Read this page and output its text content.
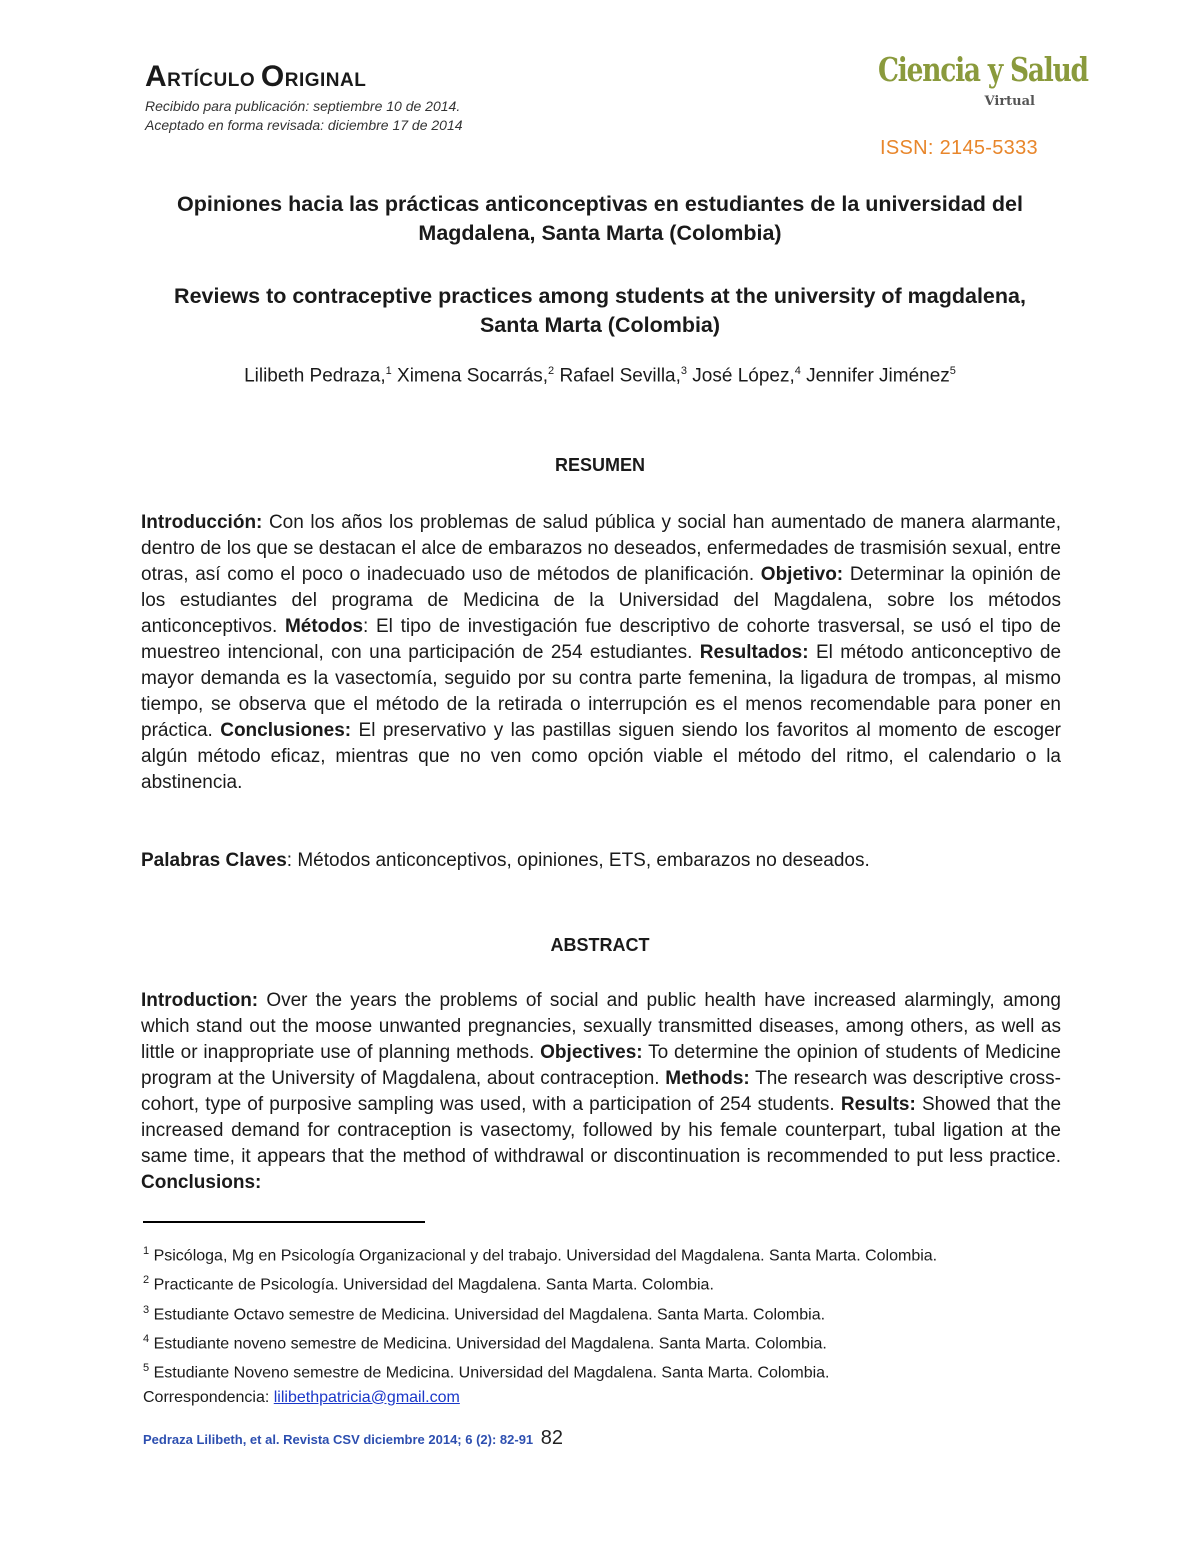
ARTÍCULO ORIGINAL
Recibido para publicación: septiembre 10 de 2014.
Aceptado en forma revisada: diciembre 17 de 2014
Ciencia y Salud
Virtual
ISSN: 2145-5333
Opiniones hacia las prácticas anticonceptivas en estudiantes de la universidad del Magdalena, Santa Marta (Colombia)
Reviews to contraceptive practices among students at the university of magdalena, Santa Marta (Colombia)
Lilibeth Pedraza,$^1$ Ximena Socarrás,$^2$ Rafael Sevilla,$^3$ José López,$^4$ Jennifer Jiménez$^5$
RESUMEN
Introducción: Con los años los problemas de salud pública y social han aumentado de manera alarmante, dentro de los que se destacan el alce de embarazos no deseados, enfermedades de trasmisión sexual, entre otras, así como el poco o inadecuado uso de métodos de planificación. Objetivo: Determinar la opinión de los estudiantes del programa de Medicina de la Universidad del Magdalena, sobre los métodos anticonceptivos. Métodos: El tipo de investigación fue descriptivo de cohorte trasversal, se usó el tipo de muestreo intencional, con una participación de 254 estudiantes. Resultados: El método anticonceptivo de mayor demanda es la vasectomía, seguido por su contra parte femenina, la ligadura de trompas, al mismo tiempo, se observa que el método de la retirada o interrupción es el menos recomendable para poner en práctica. Conclusiones: El preservativo y las pastillas siguen siendo los favoritos al momento de escoger algún método eficaz, mientras que no ven como opción viable el método del ritmo, el calendario o la abstinencia.
Palabras Claves: Métodos anticonceptivos, opiniones, ETS, embarazos no deseados.
ABSTRACT
Introduction: Over the years the problems of social and public health have increased alarmingly, among which stand out the moose unwanted pregnancies, sexually transmitted diseases, among others, as well as little or inappropriate use of planning methods. Objectives: To determine the opinion of students of Medicine program at the University of Magdalena, about contraception. Methods: The research was descriptive cross-cohort, type of purposive sampling was used, with a participation of 254 students. Results: Showed that the increased demand for contraception is vasectomy, followed by his female counterpart, tubal ligation at the same time, it appears that the method of withdrawal or discontinuation is recommended to put less practice. Conclusions:
$^1$ Psicóloga, Mg en Psicología Organizacional y del trabajo. Universidad del Magdalena. Santa Marta. Colombia.
$^2$ Practicante de Psicología. Universidad del Magdalena. Santa Marta. Colombia.
$^3$ Estudiante Octavo semestre de Medicina. Universidad del Magdalena. Santa Marta. Colombia.
$^4$ Estudiante noveno semestre de Medicina. Universidad del Magdalena. Santa Marta. Colombia.
$^5$ Estudiante Noveno semestre de Medicina. Universidad del Magdalena. Santa Marta. Colombia.
Correspondencia: lilibethpatricia@gmail.com
Pedraza Lilibeth, et al. Revista CSV diciembre 2014; 6 (2): 82-91 82
